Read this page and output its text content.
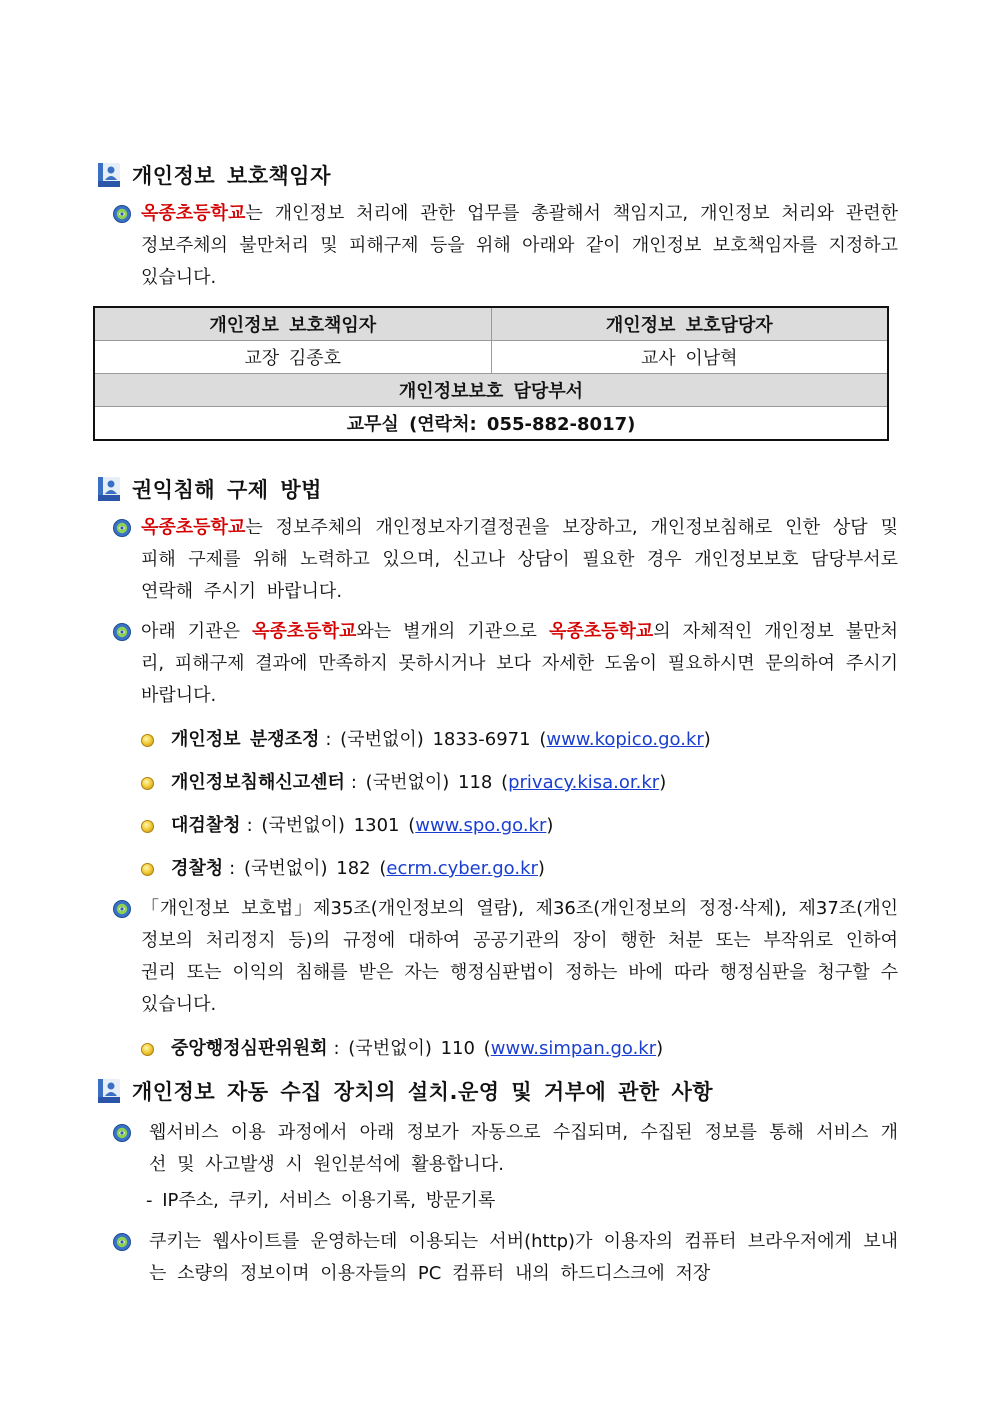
개인정보 보호책임자
옥종초등학교는 개인정보 처리에 관한 업무를 총괄해서 책임지고, 개인정보 처리와 관련한 정보주체의 불만처리 및 피해구제 등을 위해 아래와 같이 개인정보 보호책임자를 지정하고 있습니다.
개인정보 보호책임자	개인정보 보호담당자
교장 김종호	교사 이남혁
개인정보보호 담당부서	
교무실 (연락처: 055-882-8017)	
권익침해 구제 방법
옥종초등학교는 정보주체의 개인정보자기결정권을 보장하고, 개인정보침해로 인한 상담 및 피해 구제를 위해 노력하고 있으며, 신고나 상담이 필요한 경우 개인정보보호 담당부서로 연락해 주시기 바랍니다.
아래 기관은 옥종초등학교와는 별개의 기관으로 옥종초등학교의 자체적인 개인정보 불만처리, 피해구제 결과에 만족하지 못하시거나 보다 자세한 도움이 필요하시면 문의하여 주시기 바랍니다.
개인정보 분쟁조정 : (국번없이) 1833-6971 ( www.kopico.go.kr )
개인정보침해신고센터 : (국번없이) 118 ( privacy.kisa.or.kr )
대검찰청 : (국번없이) 1301 ( www.spo.go.kr )
경찰청 : (국번없이) 182 ( ecrm.cyber.go.kr )
「개인정보 보호법」제35조(개인정보의 열람), 제36조(개인정보의 정정·삭제), 제37조(개인정보의 처리정지 등)의 규정에 대하여 공공기관의 장이 행한 처분 또는 부작위로 인하여 권리 또는 이익의 침해를 받은 자는 행정심판법이 정하는 바에 따라 행정심판을 청구할 수 있습니다.
중앙행정심판위원회 : (국번없이) 110 ( www.simpan.go.kr )
개인정보 자동 수집 장치의 설치.운영 및 거부에 관한 사항
웹서비스 이용 과정에서 아래 정보가 자동으로 수집되며, 수집된 정보를 통해 서비스 개선 및 사고발생 시 원인분석에 활용합니다.
- IP주소, 쿠키, 서비스 이용기록, 방문기록
쿠키는 웹사이트를 운영하는데 이용되는 서버(http)가 이용자의 컴퓨터 브라우저에게 보내는 소량의 정보이며 이용자들의 PC 컴퓨터 내의 하드디스크에 저장
